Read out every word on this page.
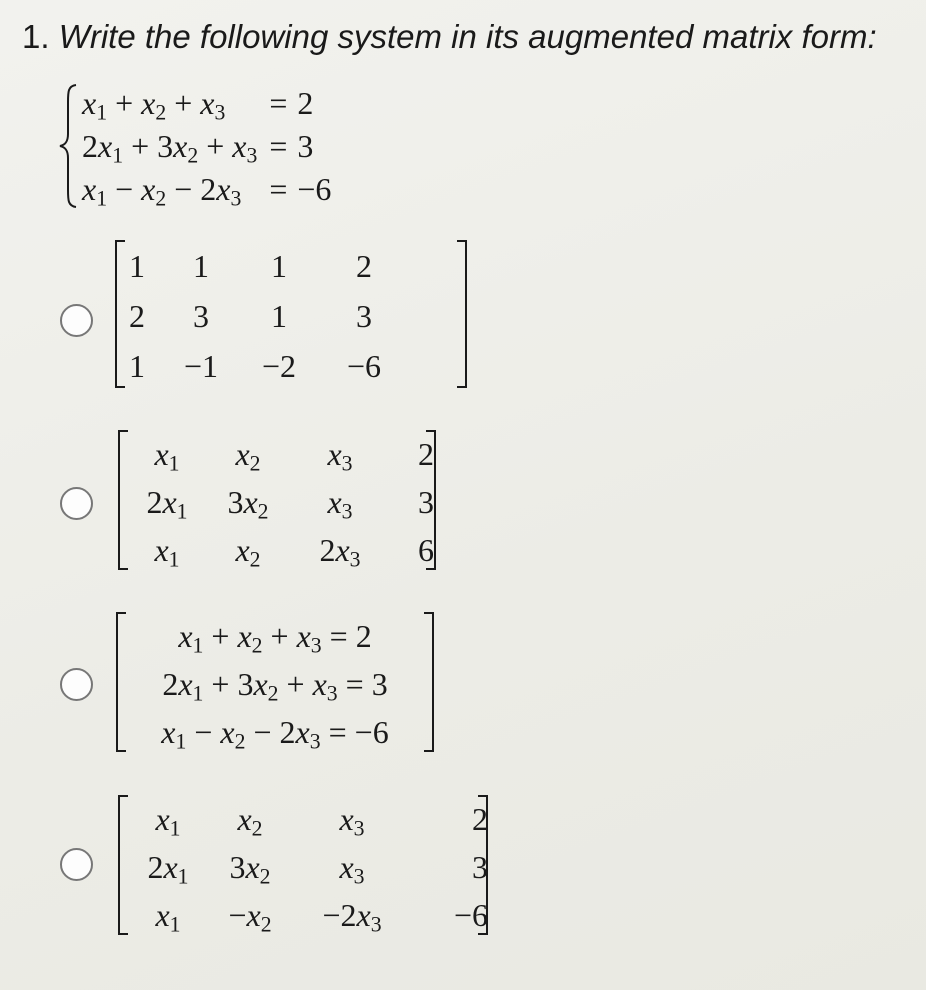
1. Write the following system in its augmented matrix form:
$x_1 + x_2 + x_3$	=	2
$2x_1 + 3x_2 + x_3$	=	3
$x_1 - x_2 - 2x_3$	=	−6
1	1	1	2
2	3	1	3
1	−1	−2	−6
$x_1$	$x_2$	$x_3$	2
$2x_1$	$3x_2$	$x_3$	3
$x_1$	$x_2$	$2x_3$	6
$x_1 + x_2 + x_3 = 2$
$2x_1 + 3x_2 + x_3 = 3$
$x_1 - x_2 - 2x_3 = -6$
$x_1$	$x_2$	$x_3$	2
$2x_1$	$3x_2$	$x_3$	3
$x_1$	$-x_2$	$-2x_3$	−6
